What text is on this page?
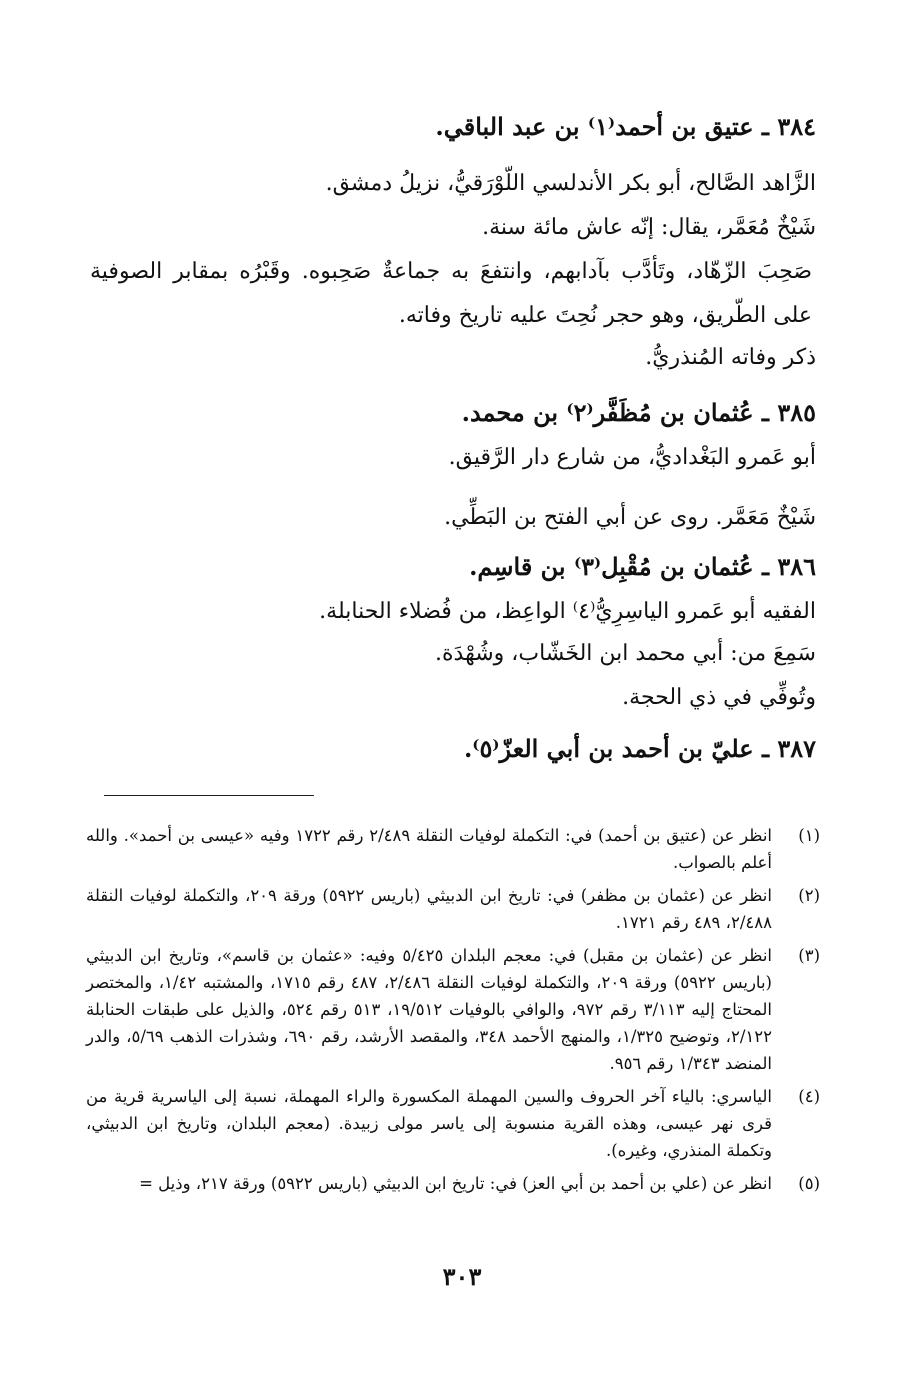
٣٨٤ ـ عتيق بن أحمد⁽١⁾ بن عبد الباقي.
الزَّاهد الصَّالح، أبو بكر الأندلسي اللّوْرَقيُّ، نزيلُ دمشق.
شَيْخٌ مُعَمَّر، يقال: إنّه عاش مائة سنة.
صَحِبَ الزّهّاد، وتَأدَّب بآدابهم، وانتفعَ به جماعةٌ صَحِبوه. وقَبْرُه بمقابر الصوفية على الطّريق، وهو حجر نُحِتَ عليه تاريخ وفاته.
ذكر وفاته المُنذريُّ.
٣٨٥ ـ عُثمان بن مُظَفَّر⁽٢⁾ بن محمد.
أبو عَمرو البَغْداديُّ، من شارع دار الرَّقيق.
شَيْخٌ مَعَمَّر. روى عن أبي الفتح بن البَطِّي.
٣٨٦ ـ عُثمان بن مُقْبِل⁽٣⁾ بن قاسِم.
الفقيه أبو عَمرو الياسِرِيُّ⁽٤⁾ الواعِظ، من فُضلاء الحنابلة.
سَمِعَ من: أبي محمد ابن الخَشّاب، وشُهْدَة.
وتُوفِّي في ذي الحجة.
٣٨٧ ـ عليّ بن أحمد بن أبي العزّ⁽٥⁾.
(١)
انظر عن (عتيق بن أحمد) في: التكملة لوفيات النقلة ٢/٤٨٩ رقم ١٧٢٢ وفيه «عيسى بن أحمد». والله أعلم بالصواب.
(٢)
انظر عن (عثمان بن مظفر) في: تاريخ ابن الدبيثي (باريس ٥٩٢٢) ورقة ٢٠٩، والتكملة لوفيات النقلة ٢/٤٨٨، ٤٨٩ رقم ١٧٢١.
(٣)
انظر عن (عثمان بن مقبل) في: معجم البلدان ٥/٤٢٥ وفيه: «عثمان بن قاسم»، وتاريخ ابن الدبيثي (باريس ٥٩٢٢) ورقة ٢٠٩، والتكملة لوفيات النقلة ٢/٤٨٦، ٤٨٧ رقم ١٧١٥، والمشتبه ١/٤٢، والمختصر المحتاج إليه ٣/١١٣ رقم ٩٧٢، والوافي بالوفيات ١٩/٥١٢، ٥١٣ رقم ٥٢٤، والذيل على طبقات الحنابلة ٢/١٢٢، وتوضيح ١/٣٢٥، والمنهج الأحمد ٣٤٨، والمقصد الأرشد، رقم ٦٩٠، وشذرات الذهب ٥/٦٩، والدر المنضد ١/٣٤٣ رقم ٩٥٦.
(٤)
الياسري: بالياء آخر الحروف والسين المهملة المكسورة والراء المهملة، نسبة إلى الياسرية قرية من قرى نهر عيسى، وهذه القرية منسوبة إلى ياسر مولى زبيدة. (معجم البلدان، وتاريخ ابن الدبيثي، وتكملة المنذري، وغيره).
(٥)
انظر عن (علي بن أحمد بن أبي العز) في: تاريخ ابن الدبيثي (باريس ٥٩٢٢) ورقة ٢١٧، وذيل =
٣٠٣
